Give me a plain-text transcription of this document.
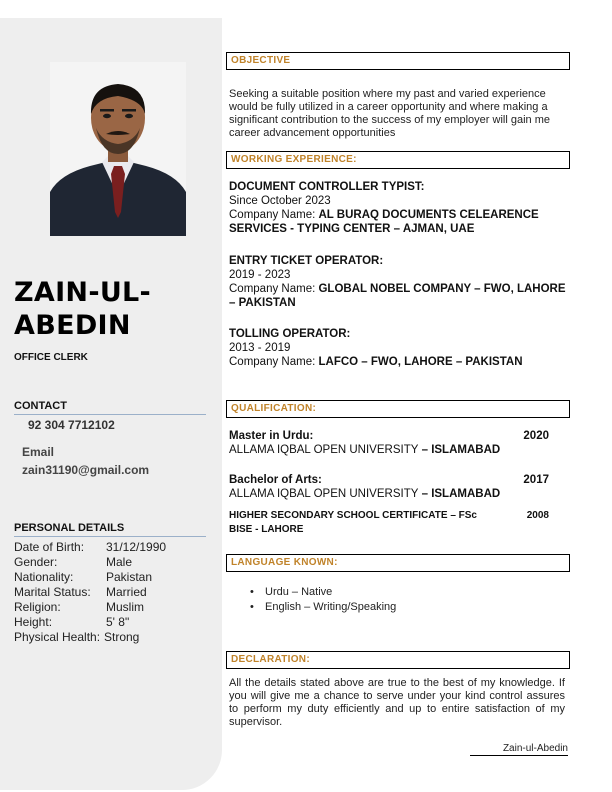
ZAIN-UL-
ABEDIN
OFFICE CLERK
CONTACT
92 304 7712102
Email
zain31190@gmail.com
PERSONAL DETAILS
Date of Birth:	31/12/1990
Gender:	Male
Nationality:	Pakistan
Marital Status:	Married
Religion:	Muslim
Height:	5' 8"
Physical Health: Strong
OBJECTIVE
Seeking a suitable position where my past and varied experience would be fully utilized in a career opportunity and where making a significant contribution to the success of my employer will gain me career advancement opportunities
WORKING EXPERIENCE:
DOCUMENT CONTROLLER TYPIST:
Since October 2023
Company Name: AL BURAQ DOCUMENTS CELEARENCE SERVICES - TYPING CENTER – AJMAN, UAE
ENTRY TICKET OPERATOR:
2019 - 2023
Company Name: GLOBAL NOBEL COMPANY – FWO, LAHORE – PAKISTAN
TOLLING OPERATOR:
2013 - 2019
Company Name: LAFCO – FWO, LAHORE – PAKISTAN
QUALIFICATION:
Master in Urdu:	2020
ALLAMA IQBAL OPEN UNIVERSITY – ISLAMABAD
Bachelor of Arts:	2017
ALLAMA IQBAL OPEN UNIVERSITY – ISLAMABAD
HIGHER SECONDARY SCHOOL CERTIFICATE – FSc	2008
BISE - LAHORE
LANGUAGE KNOWN:
• Urdu – Native
• English – Writing/Speaking
DECLARATION:
All the details stated above are true to the best of my knowledge. If you will give me a chance to serve under your kind control assures to perform my duty efficiently and up to entire satisfaction of my supervisor.
Zain-ul-Abedin
